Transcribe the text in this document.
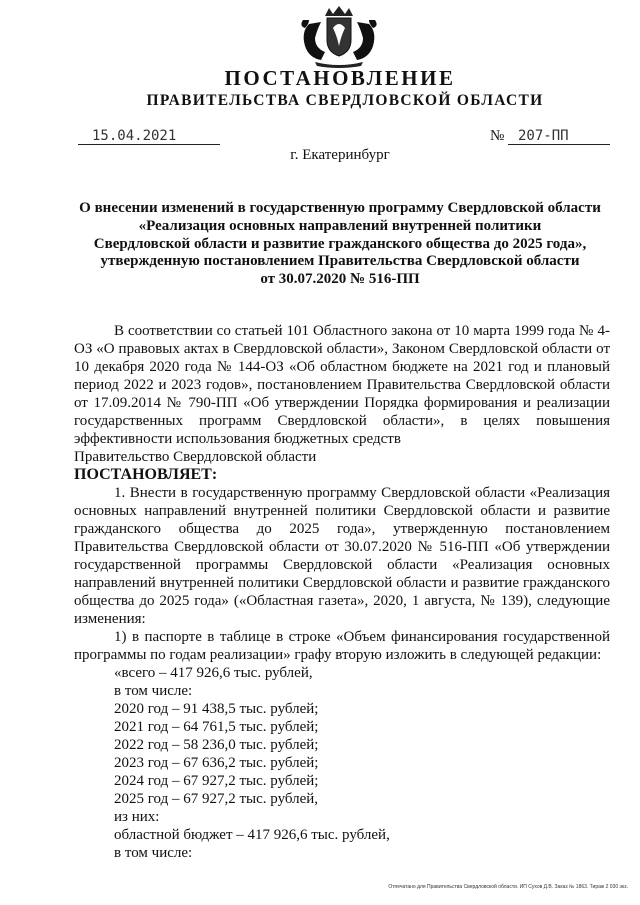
ПОСТАНОВЛЕНИЕ
ПРАВИТЕЛЬСТВА СВЕРДЛОВСКОЙ ОБЛАСТИ
15.04.2021	№ 207-ПП
г. Екатеринбург
О внесении изменений в государственную программу Свердловской области
«Реализация основных направлений внутренней политики
Свердловской области и развитие гражданского общества до 2025 года»,
утвержденную постановлением Правительства Свердловской области
от 30.07.2020 № 516-ПП

В соответствии со статьей 101 Областного закона от 10 марта 1999 года № 4-ОЗ «О правовых актах в Свердловской области», Законом Свердловской области от 10 декабря 2020 года № 144-ОЗ «Об областном бюджете на 2021 год и плановый период 2022 и 2023 годов», постановлением Правительства Свердловской области от 17.09.2014 № 790-ПП «Об утверждении Порядка формирования и реализации государственных программ Свердловской области», в целях повышения эффективности использования бюджетных средств

Правительство Свердловской области

ПОСТАНОВЛЯЕТ:

1. Внести в государственную программу Свердловской области «Реализация основных направлений внутренней политики Свердловской области и развитие гражданского общества до 2025 года», утвержденную постановлением Правительства Свердловской области от 30.07.2020 № 516-ПП «Об утверждении государственной программы Свердловской области «Реализация основных направлений внутренней политики Свердловской области и развитие гражданского общества до 2025 года» («Областная газета», 2020, 1 августа, № 139), следующие изменения:

1) в паспорте в таблице в строке «Объем финансирования государственной программы по годам реализации» графу вторую изложить в следующей редакции:

«всего – 417 926,6 тыс. рублей,
в том числе:
2020 год – 91 438,5 тыс. рублей;
2021 год – 64 761,5 тыс. рублей;
2022 год – 58 236,0 тыс. рублей;
2023 год – 67 636,2 тыс. рублей;
2024 год – 67 927,2 тыс. рублей;
2025 год – 67 927,2 тыс. рублей,
из них:
областной бюджет – 417 926,6 тыс. рублей,
в том числе:
Отпечатано для Правительства Свердловской области. ИП Сухов Д.В. Заказ № 1863. Тираж 2 030 экз.
